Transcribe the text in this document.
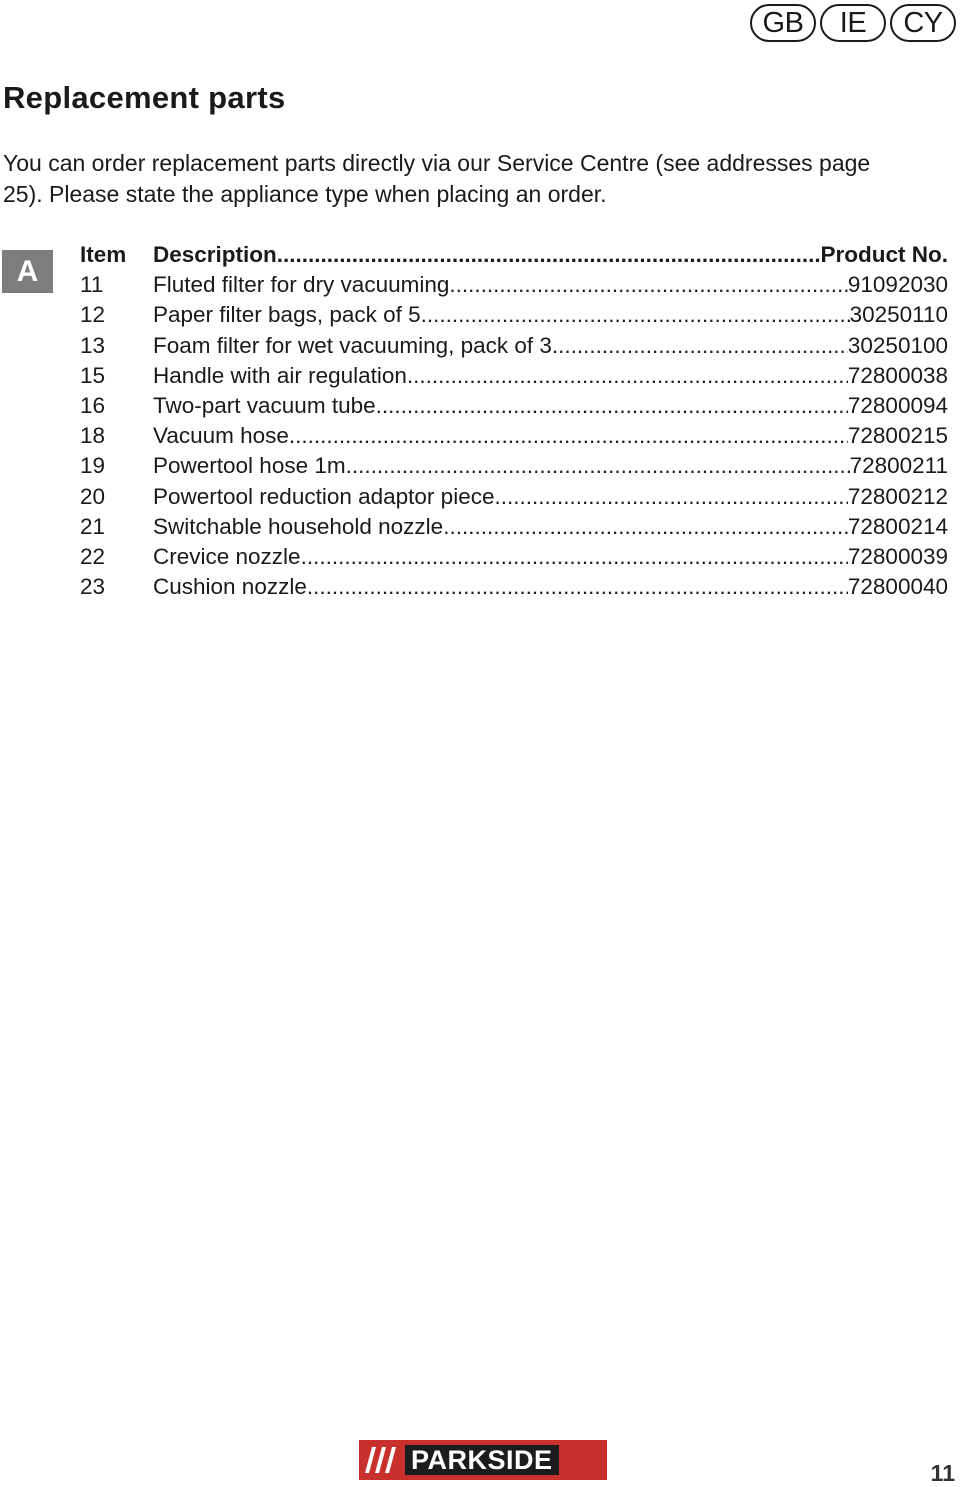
GB	IE	CY
Replacement parts

You can order replacement parts directly via our Service Centre (see addresses page 25). Please state the appliance type when placing an order.

A	Item	Description .....	Product No.
11	Fluted filter for dry vacuuming .....	91092030
12	Paper filter bags, pack of 5 .....	30250110
13	Foam filter for wet vacuuming, pack of 3 .....	30250100
15	Handle with air regulation .....	72800038
16	Two-part vacuum tube .....	72800094
18	Vacuum hose .....	72800215
19	Powertool hose 1m .....	72800211
20	Powertool reduction adaptor piece .....	72800212
21	Switchable household nozzle .....	72800214
22	Crevice nozzle .....	72800039
23	Cushion nozzle .....	72800040
PARKSIDE	11
